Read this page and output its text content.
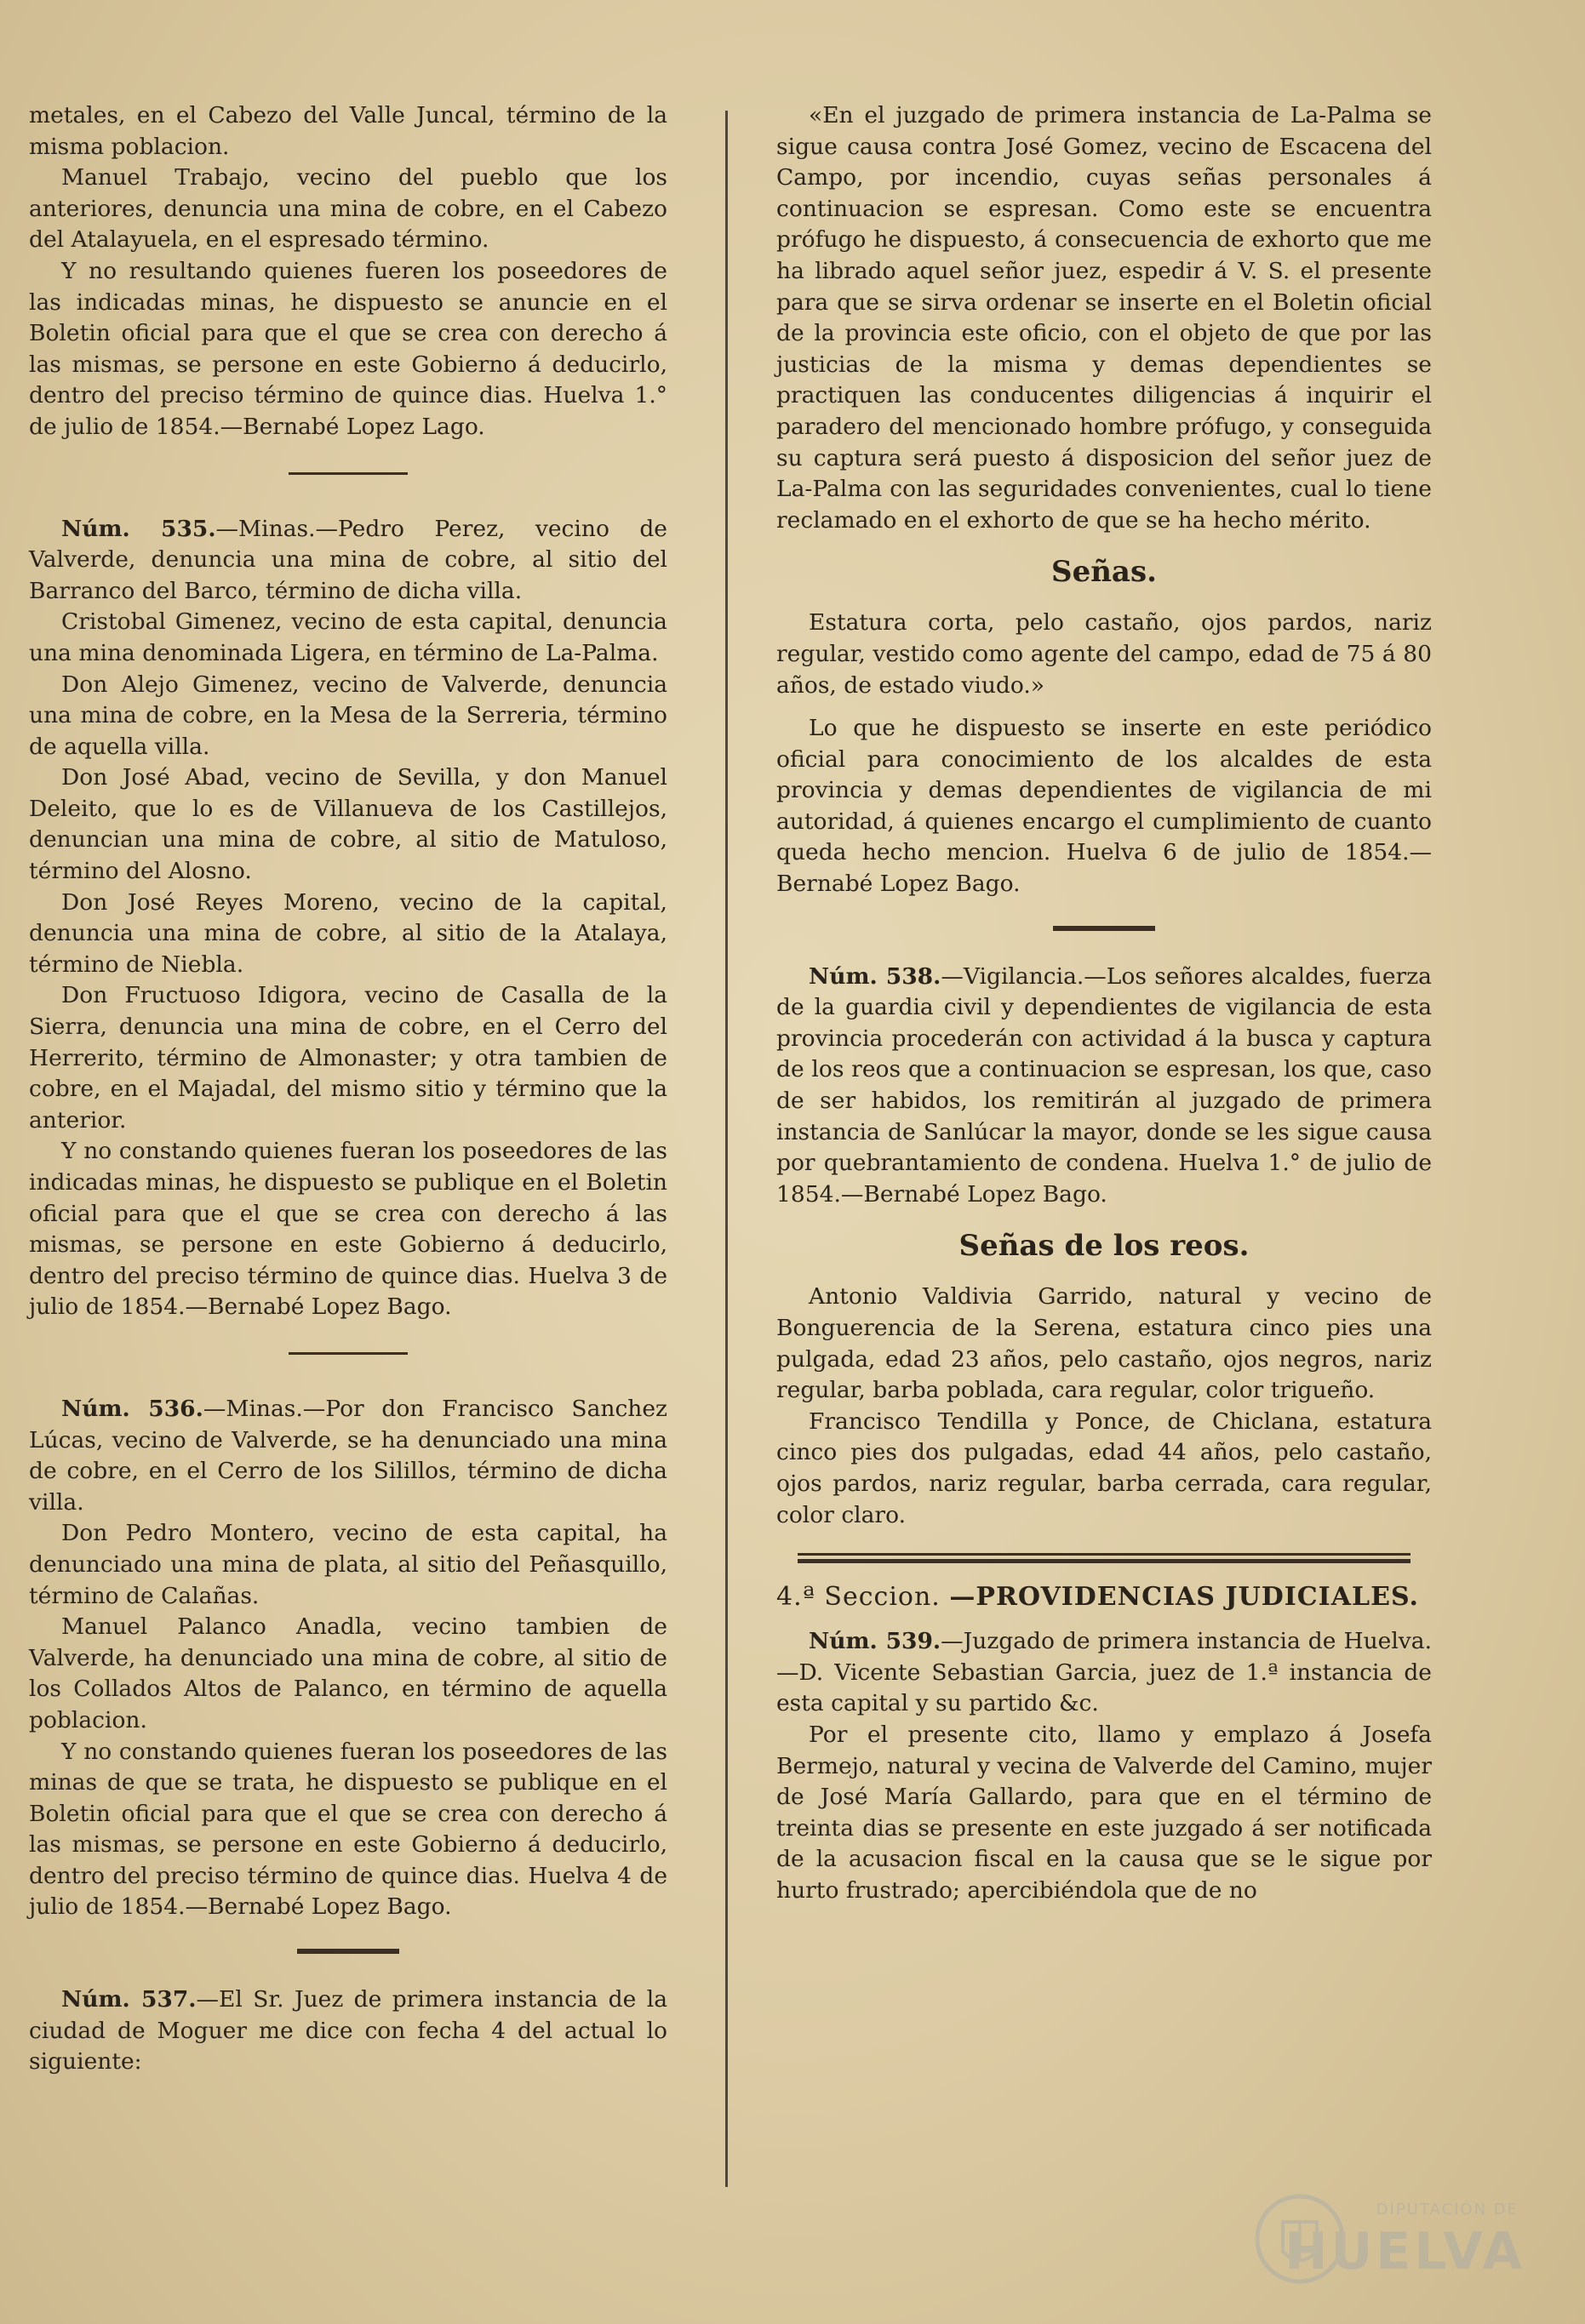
metales, en el Cabezo del Valle Juncal, término de la misma poblacion.

Manuel Trabajo, vecino del pueblo que los anteriores, denuncia una mina de cobre, en el Cabezo del Atalayuela, en el espresado término.

Y no resultando quienes fueren los poseedores de las indicadas minas, he dispuesto se anuncie en el Boletin oficial para que el que se crea con derecho á las mismas, se persone en este Gobierno á deducirlo, dentro del preciso término de quince dias. Huelva 1.° de julio de 1854.—Bernabé Lopez Lago.

Núm. 535.—Minas.—Pedro Perez, vecino de Valverde, denuncia una mina de cobre, al sitio del Barranco del Barco, término de dicha villa.

Cristobal Gimenez, vecino de esta capital, denuncia una mina denominada Ligera, en término de La-Palma.

Don Alejo Gimenez, vecino de Valverde, denuncia una mina de cobre, en la Mesa de la Serreria, término de aquella villa.

Don José Abad, vecino de Sevilla, y don Manuel Deleito, que lo es de Villanueva de los Castillejos, denuncian una mina de cobre, al sitio de Matuloso, término del Alosno.

Don José Reyes Moreno, vecino de la capital, denuncia una mina de cobre, al sitio de la Atalaya, término de Niebla.

Don Fructuoso Idigora, vecino de Casalla de la Sierra, denuncia una mina de cobre, en el Cerro del Herrerito, término de Almonaster; y otra tambien de cobre, en el Majadal, del mismo sitio y término que la anterior.

Y no constando quienes fueran los poseedores de las indicadas minas, he dispuesto se publique en el Boletin oficial para que el que se crea con derecho á las mismas, se persone en este Gobierno á deducirlo, dentro del preciso término de quince dias. Huelva 3 de julio de 1854.—Bernabé Lopez Bago.

Núm. 536.—Minas.—Por don Francisco Sanchez Lúcas, vecino de Valverde, se ha denunciado una mina de cobre, en el Cerro de los Silillos, término de dicha villa.

Don Pedro Montero, vecino de esta capital, ha denunciado una mina de plata, al sitio del Peñasquillo, término de Calañas.

Manuel Palanco Anadla, vecino tambien de Valverde, ha denunciado una mina de cobre, al sitio de los Collados Altos de Palanco, en término de aquella poblacion.

Y no constando quienes fueran los poseedores de las minas de que se trata, he dispuesto se publique en el Boletin oficial para que el que se crea con derecho á las mismas, se persone en este Gobierno á deducirlo, dentro del preciso término de quince dias. Huelva 4 de julio de 1854.—Bernabé Lopez Bago.

Núm. 537.—El Sr. Juez de primera instancia de la ciudad de Moguer me dice con fecha 4 del actual lo siguiente:

«En el juzgado de primera instancia de La-Palma se sigue causa contra José Gomez, vecino de Escacena del Campo, por incendio, cuyas señas personales á continuacion se espresan. Como este se encuentra prófugo he dispuesto, á consecuencia de exhorto que me ha librado aquel señor juez, espedir á V. S. el presente para que se sirva ordenar se inserte en el Boletin oficial de la provincia este oficio, con el objeto de que por las justicias de la misma y demas dependientes se practiquen las conducentes diligencias á inquirir el paradero del mencionado hombre prófugo, y conseguida su captura será puesto á disposicion del señor juez de La-Palma con las seguridades convenientes, cual lo tiene reclamado en el exhorto de que se ha hecho mérito.

Señas.

Estatura corta, pelo castaño, ojos pardos, nariz regular, vestido como agente del campo, edad de 75 á 80 años, de estado viudo.»

Lo que he dispuesto se inserte en este periódico oficial para conocimiento de los alcaldes de esta provincia y demas dependientes de vigilancia de mi autoridad, á quienes encargo el cumplimiento de cuanto queda hecho mencion. Huelva 6 de julio de 1854.—Bernabé Lopez Bago.

Núm. 538.—Vigilancia.—Los señores alcaldes, fuerza de la guardia civil y dependientes de vigilancia de esta provincia procederán con actividad á la busca y captura de los reos que a continuacion se espresan, los que, caso de ser habidos, los remitirán al juzgado de primera instancia de Sanlúcar la mayor, donde se les sigue causa por quebrantamiento de condena. Huelva 1.° de julio de 1854.—Bernabé Lopez Bago.

Señas de los reos.

Antonio Valdivia Garrido, natural y vecino de Bonguerencia de la Serena, estatura cinco pies una pulgada, edad 23 años, pelo castaño, ojos negros, nariz regular, barba poblada, cara regular, color trigueño.

Francisco Tendilla y Ponce, de Chiclana, estatura cinco pies dos pulgadas, edad 44 años, pelo castaño, ojos pardos, nariz regular, barba cerrada, cara regular, color claro.

4.ª Seccion. —PROVIDENCIAS JUDICIALES.

Núm. 539.—Juzgado de primera instancia de Huelva.—D. Vicente Sebastian Garcia, juez de 1.ª instancia de esta capital y su partido &c.

Por el presente cito, llamo y emplazo á Josefa Bermejo, natural y vecina de Valverde del Camino, mujer de José María Gallardo, para que en el término de treinta dias se presente en este juzgado á ser notificada de la acusacion fiscal en la causa que se le sigue por hurto frustrado; apercibiéndola que de no

DIPUTACIÓN DE
HUELVA
